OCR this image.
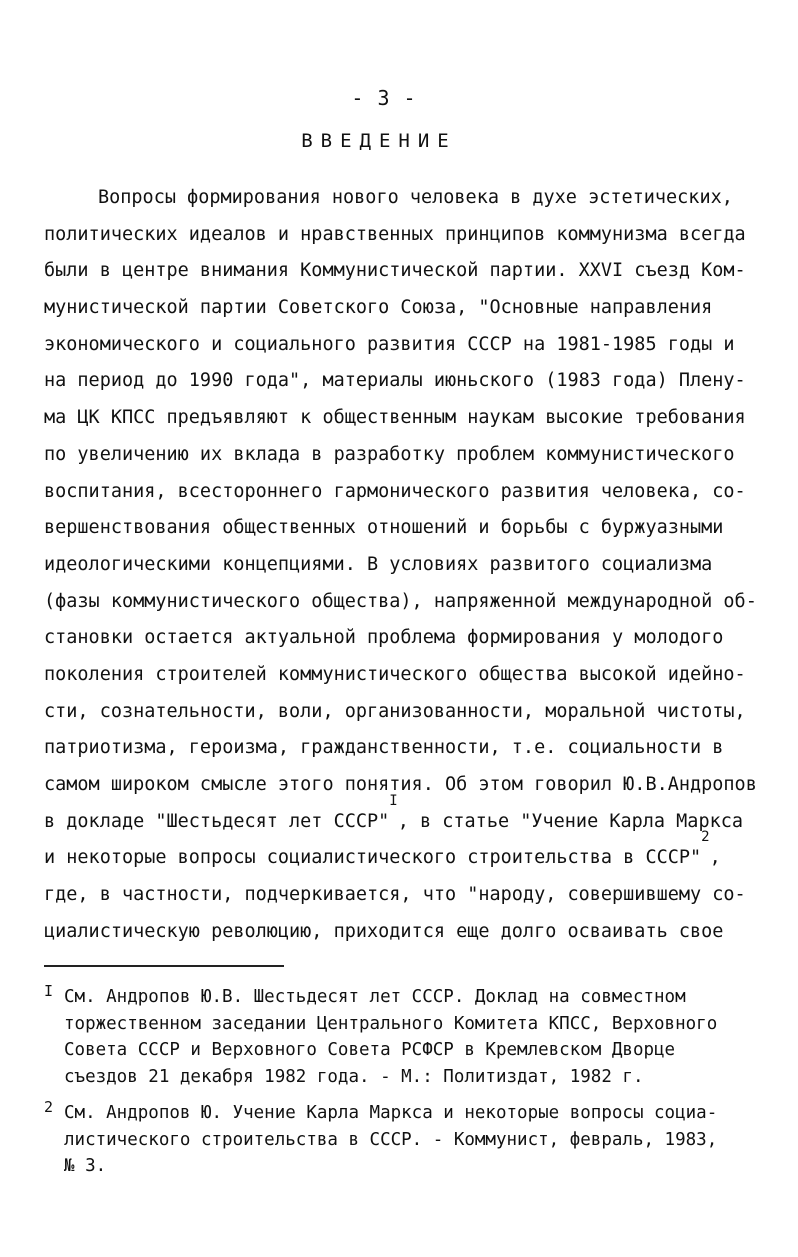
- 3 -
ВВЕДЕНИЕ
Вопросы формирования нового человека в духе эстетических,
политических идеалов и нравственных принципов коммунизма всегда
были в центре внимания Коммунистической партии. XXVI съезд Ком-
мунистической партии Советского Союза, "Основные направления
экономического и социального развития СССР на 1981-1985 годы и
на период до 1990 года", материалы июньского (1983 года) Пленy-
ма ЦК КПСС предъявляют к общественным наукам высокие требования
по увеличению их вклада в разработку проблем коммунистического
воспитания, всестороннего гармонического развития человека, со-
вершенствования общественных отношений и борьбы с буржуазными
идеологическими концепциями. В условиях развитого социализма
(фазы коммунистического общества), напряженной международной об-
становки остается актуальной проблема формирования у молодого
поколения строителей коммунистического общества высокой идейно-
сти, сознательности, воли, организованности, моральной чистоты,
патриотизма, героизма, гражданственности, т.е. социальности в
самом широком смысле этого понятия. Об этом говорил Ю.В.Андропов
в докладе "Шестьдесят лет СССР"
$^I$
, в статье "Учение Карла Маркса
и некоторые вопросы социалистического строительства в СССР"
$^2$
,
где, в частности, подчеркивается, что "народу, совершившему со-
циалистическую революцию, приходится еще долго осваивать свое
I См. Андропов Ю.В. Шестьдесят лет СССР. Доклад на совместном
торжественном заседании Центрального Комитета КПСС, Верховного
Совета СССР и Верховного Совета РСФСР в Кремлевском Дворце
съездов 21 декабря 1982 года. - М.: Политиздат, 1982 г.
2 См. Андропов Ю. Учение Карла Маркса и некоторые вопросы социа-
листического строительства в СССР. - Коммунист, февраль, 1983,
№ 3.
